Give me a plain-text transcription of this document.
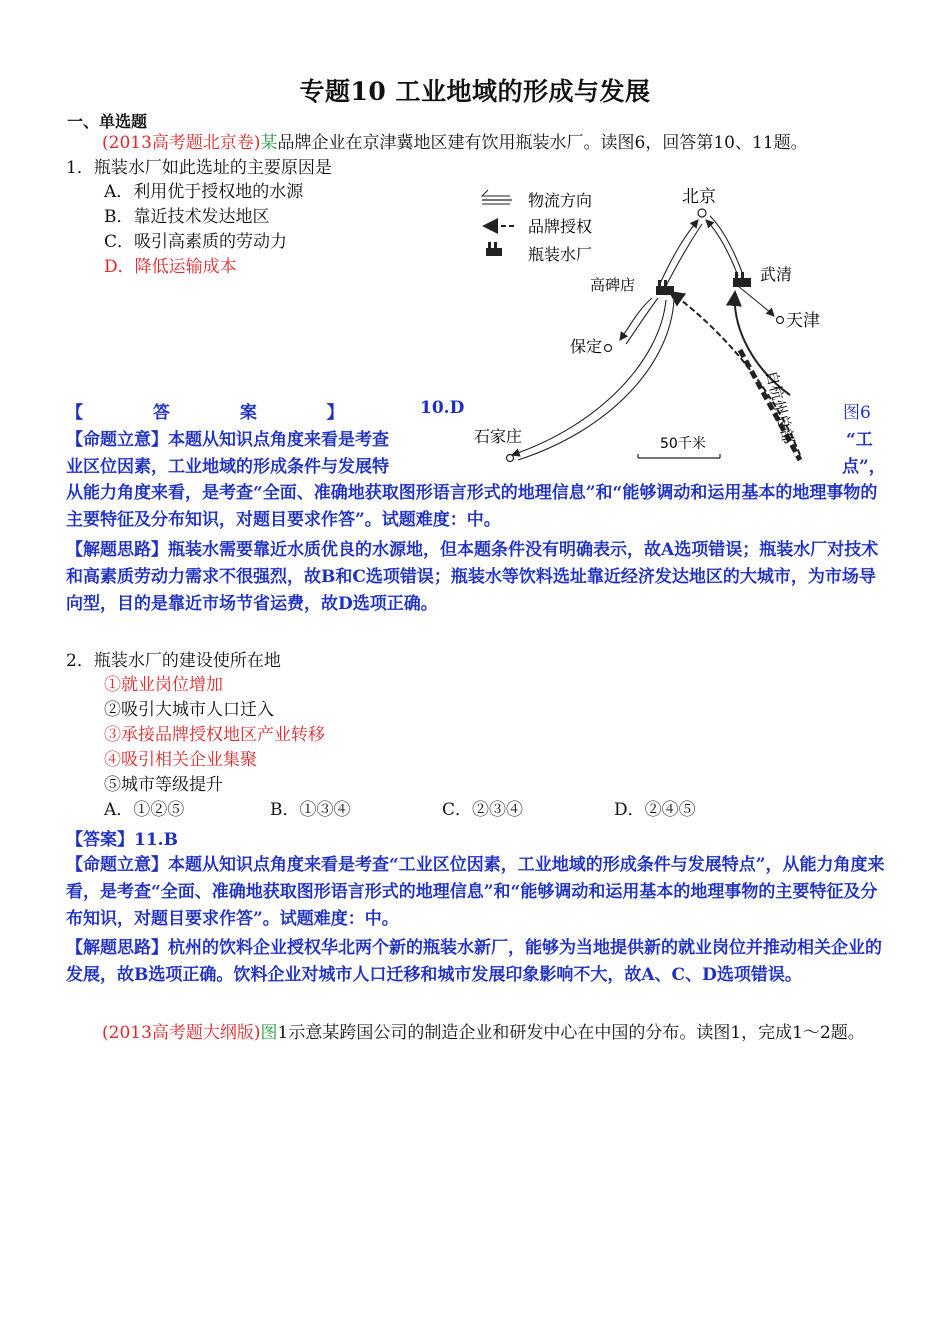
专题10 工业地域的形成与发展
一、单选题
(2013高考题北京卷)某品牌企业在京津冀地区建有饮用瓶装水厂。读图6，回答第10、11题。
1．瓶装水厂如此选址的主要原因是
A．利用优于授权地的水源
B．靠近技术发达地区
C．吸引高素质的劳动力
D．降低运输成本
物流方向
品牌授权
瓶装水厂
北京
武清
高碑店
天津
保定
石家庄	50千米	自杭州总部
【 答 案 】	10.D	图6
【命题立意】本题从知识点角度来看是考查	“工
业区位因素，工业地域的形成条件与发展特	点”，
从能力角度来看，是考查“全面、准确地获取图形语言形式的地理信息”和“能够调动和运用基本的地理事物的主要特征及分布知识，对题目要求作答”。试题难度：中。
【解题思路】瓶装水需要靠近水质优良的水源地，但本题条件没有明确表示，故A选项错误；瓶装水厂对技术和高素质劳动力需求不很强烈，故B和C选项错误；瓶装水等饮料选址靠近经济发达地区的大城市，为市场导向型，目的是靠近市场节省运费，故D选项正确。
2．瓶装水厂的建设使所在地
①就业岗位增加
②吸引大城市人口迁入
③承接品牌授权地区产业转移
④吸引相关企业集聚
⑤城市等级提升
A．①②⑤	B．①③④	C．②③④	D．②④⑤
【答案】11.B
【命题立意】本题从知识点角度来看是考查“工业区位因素，工业地域的形成条件与发展特点”，从能力角度来看，是考查“全面、准确地获取图形语言形式的地理信息”和“能够调动和运用基本的地理事物的主要特征及分布知识，对题目要求作答”。试题难度：中。
【解题思路】杭州的饮料企业授权华北两个新的瓶装水新厂，能够为当地提供新的就业岗位并推动相关企业的发展，故B选项正确。饮料企业对城市人口迁移和城市发展印象影响不大，故A、C、D选项错误。
(2013高考题大纲版)图1示意某跨国公司的制造企业和研发中心在中国的分布。读图1，完成1～2题。
